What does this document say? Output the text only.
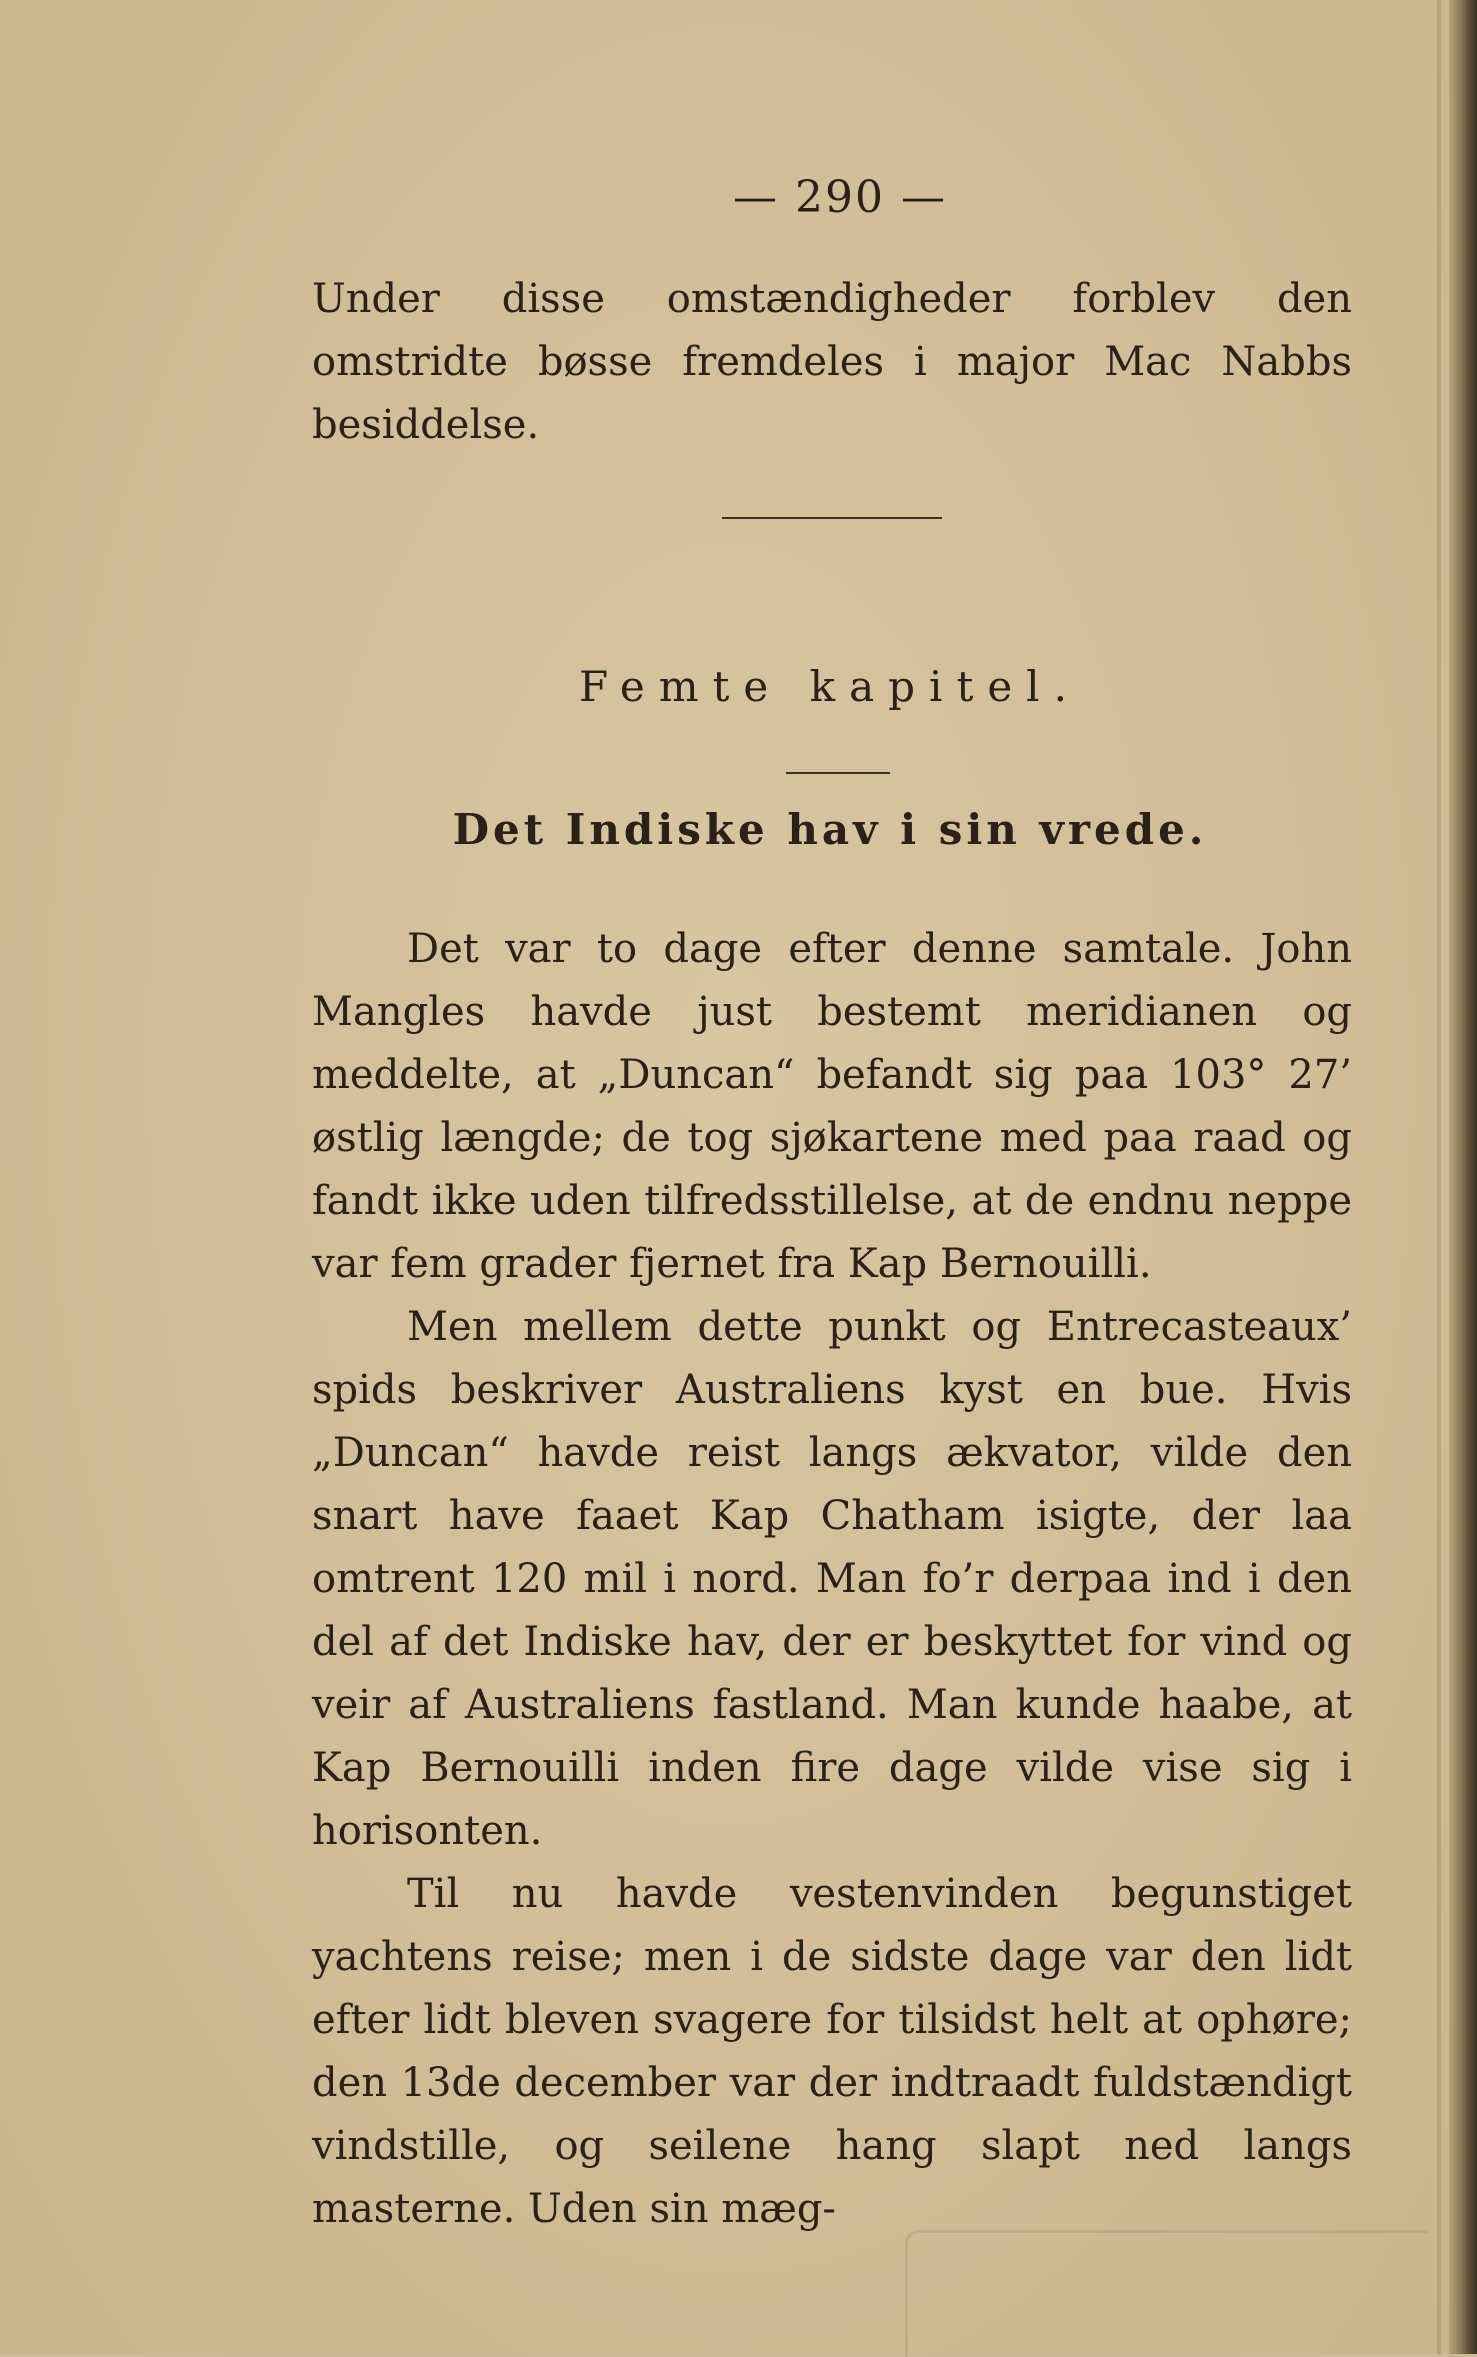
— 290 —

Under disse omstændigheder forblev den omstridte bøsse fremdeles i major Mac Nabbs besiddelse.

Femte kapitel.
Det Indiske hav i sin vrede.

Det var to dage efter denne samtale. John Mangles havde just bestemt meridianen og meddelte, at „Duncan“ befandt sig paa 103° 27’ østlig længde; de tog sjøkartene med paa raad og fandt ikke uden tilfredsstillelse, at de endnu neppe var fem grader fjernet fra Kap Bernouilli.

Men mellem dette punkt og Entrecasteaux’ spids beskriver Australiens kyst en bue. Hvis „Duncan“ havde reist langs ækvator, vilde den snart have faaet Kap Chatham isigte, der laa omtrent 120 mil i nord. Man fo’r derpaa ind i den del af det Indiske hav, der er beskyttet for vind og veir af Australiens fastland. Man kunde haabe, at Kap Bernouilli inden fire dage vilde vise sig i horisonten.

Til nu havde vestenvinden begunstiget yachtens reise; men i de sidste dage var den lidt efter lidt bleven svagere for tilsidst helt at ophøre; den 13de december var der indtraadt fuldstændigt vindstille, og seilene hang slapt ned langs masterne. Uden sin mæg-
